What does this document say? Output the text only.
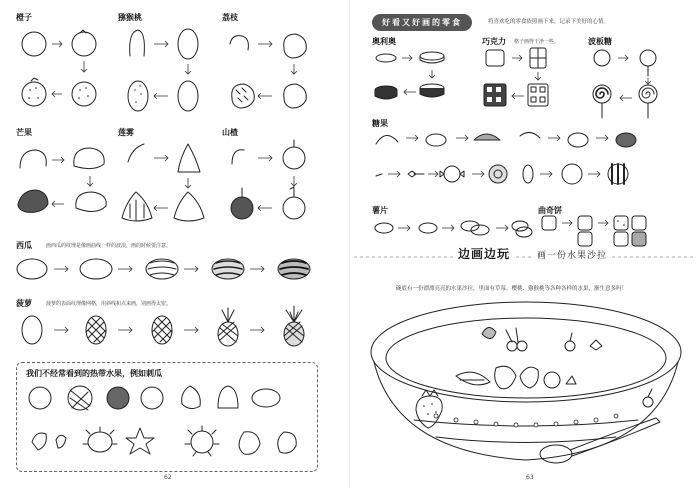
橙子	猕猴桃	荔枝
芒果	莲雾	山楂
西瓜	画西瓜的纹理是像画曲线一样的波浪，画的时候要注意。
菠萝	菠萝的表面纹理像网格，用斜线和点来画，别画得太密。
我们不经常看到的热带水果，例如刺瓜
62
好看又好画的零食	将喜欢吃的零食依照画下来，记录下美好的心情。
奥利奥	巧克力 格子画得干净一些。	波板糖
糖果
薯片	曲奇饼
边画边玩	画一份水果沙拉
碗底有一份漂漂亮亮的水果沙拉，里面有草莓、樱桃、猕猴桃等各种各样的水果，渐生意多吗！
63
